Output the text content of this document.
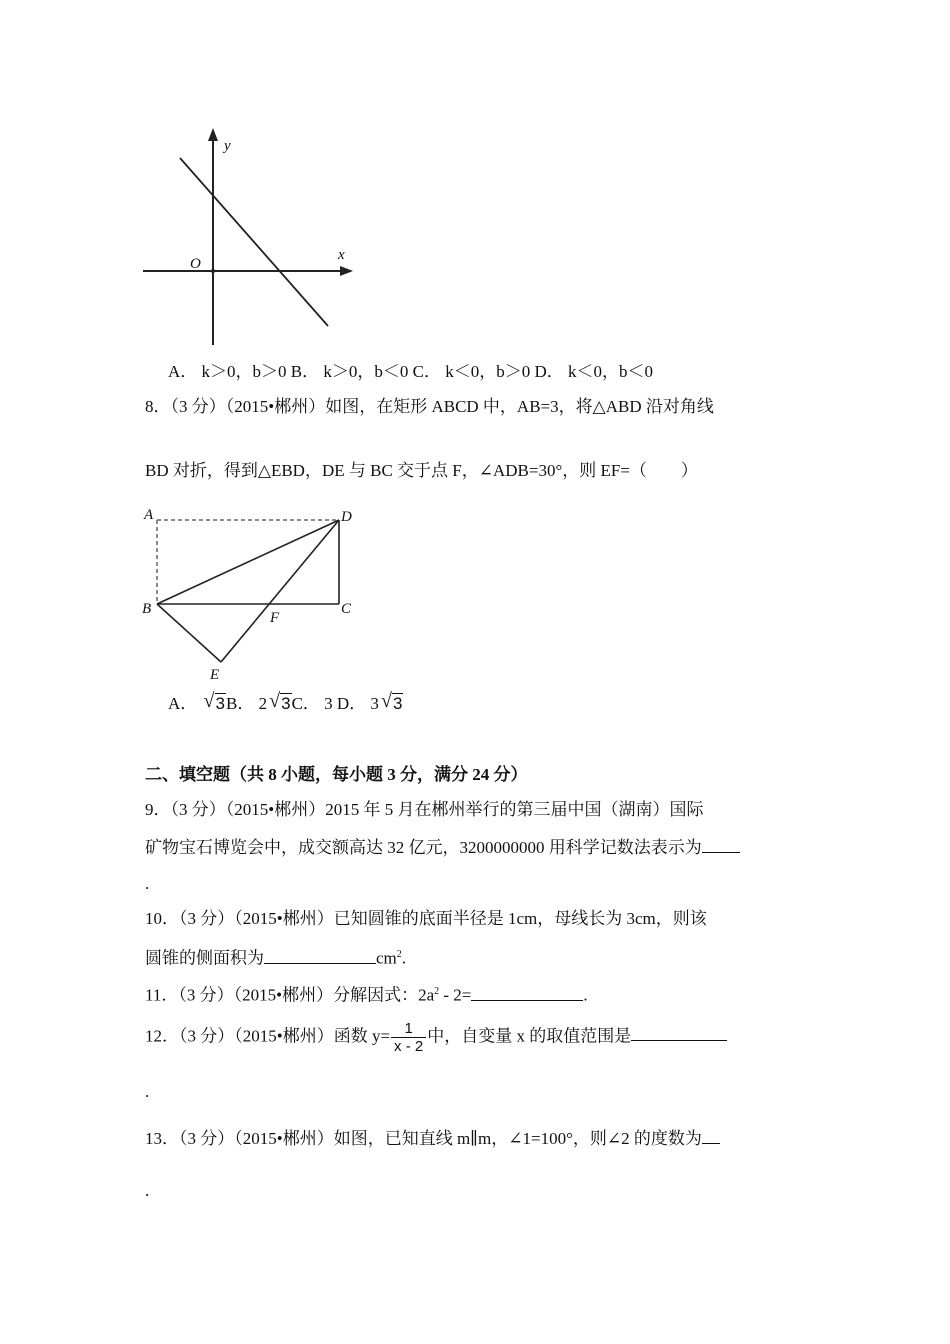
y
x
O
A． k＞0，b＞0 B． k＞0，b＜0 C． k＜0，b＞0 D． k＜0，b＜0
8．（3 分）（2015•郴州）如图，在矩形 ABCD 中，AB=3，将△ABD 沿对角线
BD 对折，得到△EBD，DE 与 BC 交于点 F，∠ADB=30°，则 EF=（　　）
A	D
B	C
F
E
A． √ 3B． 2 √ 3C． 3 D． 3 √ 3
二、填空题（共 8 小题，每小题 3 分，满分 24 分）
9．（3 分）（2015•郴州）2015 年 5 月在郴州举行的第三届中国（湖南）国际
矿物宝石博览会中，成交额高达 32 亿元，3200000000 用科学记数法表示为
.
10．（3 分）（2015•郴州）已知圆锥的底面半径是 1cm，母线长为 3cm，则该
圆锥的侧面积为	$cm^2$.
11．（3 分）（2015•郴州）分解因式：$2a^2 - 2=$	.
12．（3 分）（2015•郴州）函数 $y= \frac{1}{x - 2}$ 中，自变量 x 的取值范围是
.
13．（3 分）（2015•郴州）如图，已知直线 m∥m，∠1=100°，则∠2 的度数为
.
